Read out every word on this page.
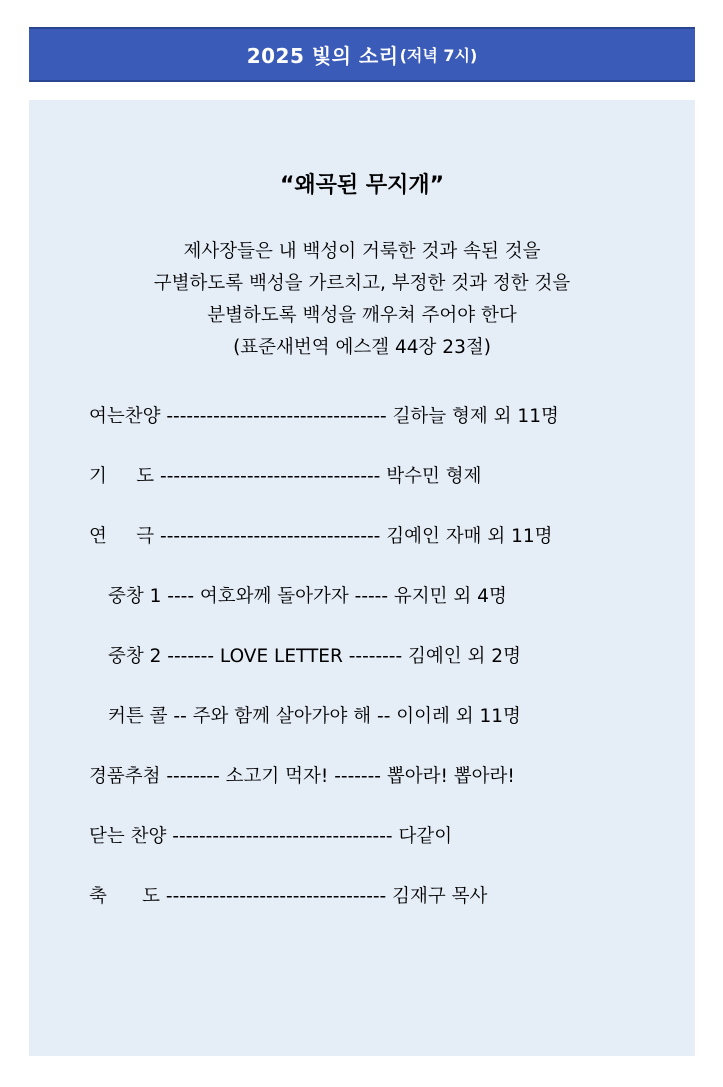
2025 빛의 소리 (저녁 7시)
“왜곡된 무지개”
제사장들은 내 백성이 거룩한 것과 속된 것을
구별하도록 백성을 가르치고, 부정한 것과 정한 것을
분별하도록 백성을 깨우쳐 주어야 한다
(표준새번역 에스겔 44장 23절)
여는찬양 --------------------------------- 길하늘 형제 외 11명
기     도 --------------------------------- 박수민 형제
연     극 --------------------------------- 김예인 자매 외 11명
중창 1 ---- 여호와께 돌아가자 ----- 유지민 외 4명
중창 2 ------- LOVE LETTER -------- 김예인 외 2명
커튼 콜 -- 주와 함께 살아가야 해 -- 이이레 외 11명
경품추첨 -------- 소고기 먹자! ------- 뽑아라! 뽑아라!
닫는 찬양 --------------------------------- 다같이
축      도 --------------------------------- 김재구 목사
